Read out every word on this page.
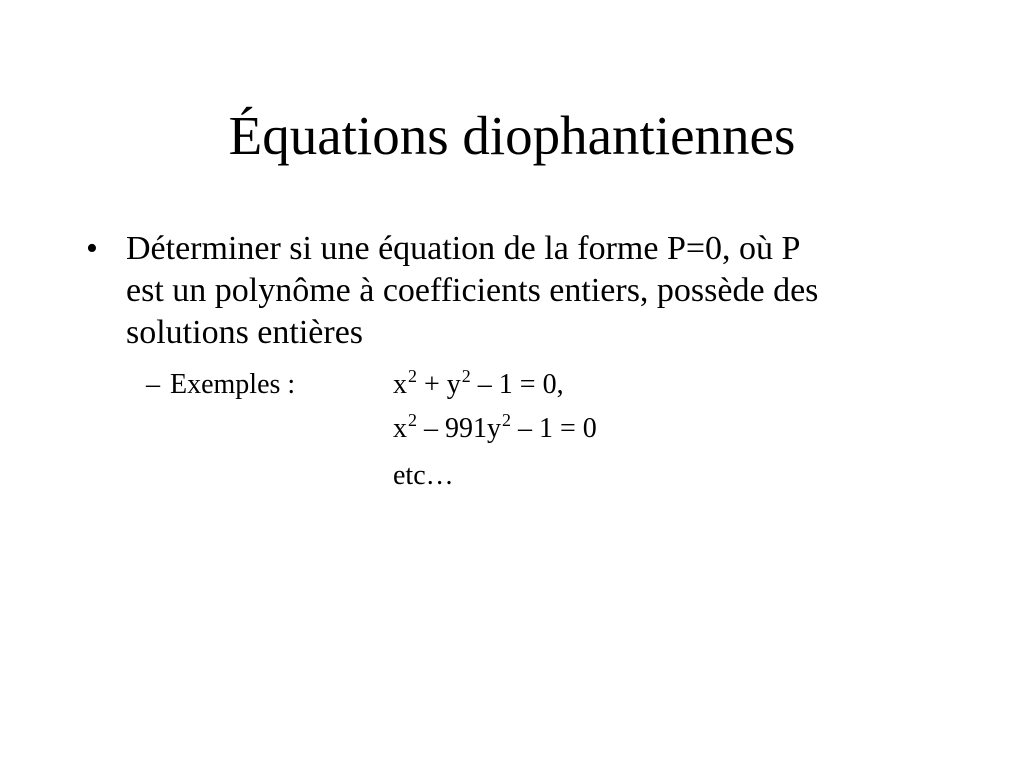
Équations diophantiennes
• Déterminer si une équation de la forme P=0, où P
est un polynôme à coefficients entiers, possède des
solutions entières
– Exemples :	$x^2 + y^2 - 1 = 0$,
$x^2 - 991y^2 - 1 = 0$
etc…
